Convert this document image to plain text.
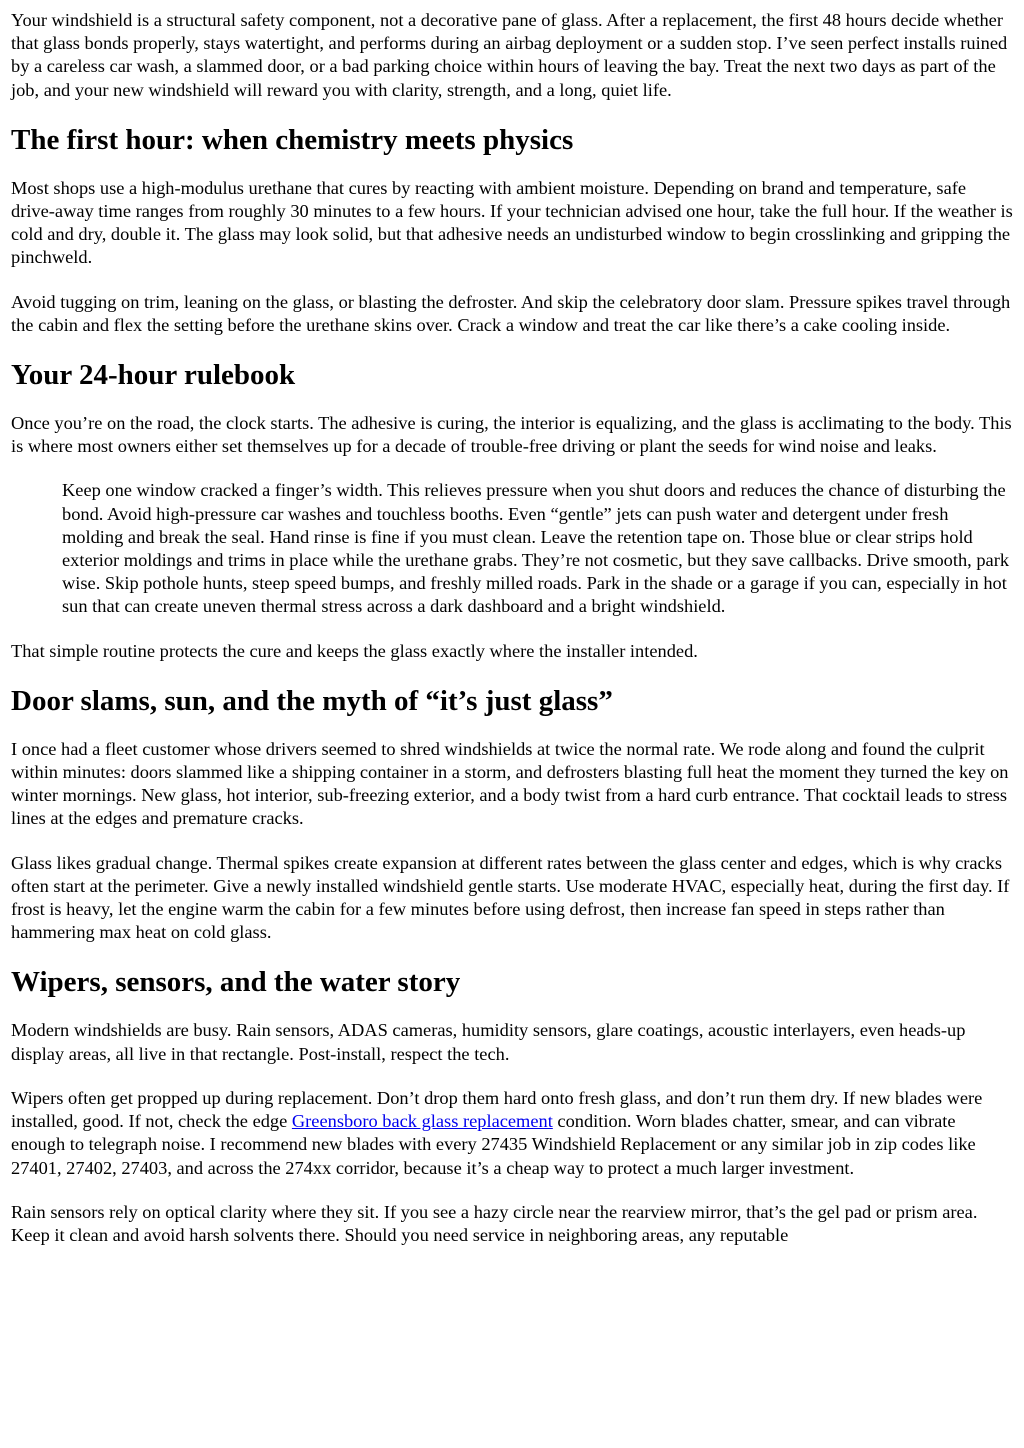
Your windshield is a structural safety component, not a decorative pane of glass. After a replacement, the first 48 hours decide whether that glass bonds properly, stays watertight, and performs during an airbag deployment or a sudden stop. I’ve seen perfect installs ruined by a careless car wash, a slammed door, or a bad parking choice within hours of leaving the bay. Treat the next two days as part of the job, and your new windshield will reward you with clarity, strength, and a long, quiet life.

The first hour: when chemistry meets physics

Most shops use a high-modulus urethane that cures by reacting with ambient moisture. Depending on brand and temperature, safe drive-away time ranges from roughly 30 minutes to a few hours. If your technician advised one hour, take the full hour. If the weather is cold and dry, double it. The glass may look solid, but that adhesive needs an undisturbed window to begin crosslinking and gripping the pinchweld.

Avoid tugging on trim, leaning on the glass, or blasting the defroster. And skip the celebratory door slam. Pressure spikes travel through the cabin and flex the setting before the urethane skins over. Crack a window and treat the car like there’s a cake cooling inside.

Your 24-hour rulebook

Once you’re on the road, the clock starts. The adhesive is curing, the interior is equalizing, and the glass is acclimating to the body. This is where most owners either set themselves up for a decade of trouble-free driving or plant the seeds for wind noise and leaks.

Keep one window cracked a finger’s width. This relieves pressure when you shut doors and reduces the chance of disturbing the bond. Avoid high-pressure car washes and touchless booths. Even “gentle” jets can push water and detergent under fresh molding and break the seal. Hand rinse is fine if you must clean. Leave the retention tape on. Those blue or clear strips hold exterior moldings and trims in place while the urethane grabs. They’re not cosmetic, but they save callbacks. Drive smooth, park wise. Skip pothole hunts, steep speed bumps, and freshly milled roads. Park in the shade or a garage if you can, especially in hot sun that can create uneven thermal stress across a dark dashboard and a bright windshield.

That simple routine protects the cure and keeps the glass exactly where the installer intended.

Door slams, sun, and the myth of “it’s just glass”

I once had a fleet customer whose drivers seemed to shred windshields at twice the normal rate. We rode along and found the culprit within minutes: doors slammed like a shipping container in a storm, and defrosters blasting full heat the moment they turned the key on winter mornings. New glass, hot interior, sub-freezing exterior, and a body twist from a hard curb entrance. That cocktail leads to stress lines at the edges and premature cracks.

Glass likes gradual change. Thermal spikes create expansion at different rates between the glass center and edges, which is why cracks often start at the perimeter. Give a newly installed windshield gentle starts. Use moderate HVAC, especially heat, during the first day. If frost is heavy, let the engine warm the cabin for a few minutes before using defrost, then increase fan speed in steps rather than hammering max heat on cold glass.

Wipers, sensors, and the water story

Modern windshields are busy. Rain sensors, ADAS cameras, humidity sensors, glare coatings, acoustic interlayers, even heads-up display areas, all live in that rectangle. Post-install, respect the tech.

Wipers often get propped up during replacement. Don’t drop them hard onto fresh glass, and don’t run them dry. If new blades were installed, good. If not, check the edge Greensboro back glass replacement condition. Worn blades chatter, smear, and can vibrate enough to telegraph noise. I recommend new blades with every 27435 Windshield Replacement or any similar job in zip codes like 27401, 27402, 27403, and across the 274xx corridor, because it’s a cheap way to protect a much larger investment.

Rain sensors rely on optical clarity where they sit. If you see a hazy circle near the rearview mirror, that’s the gel pad or prism area. Keep it clean and avoid harsh solvents there. Should you need service in neighboring areas, any reputable
